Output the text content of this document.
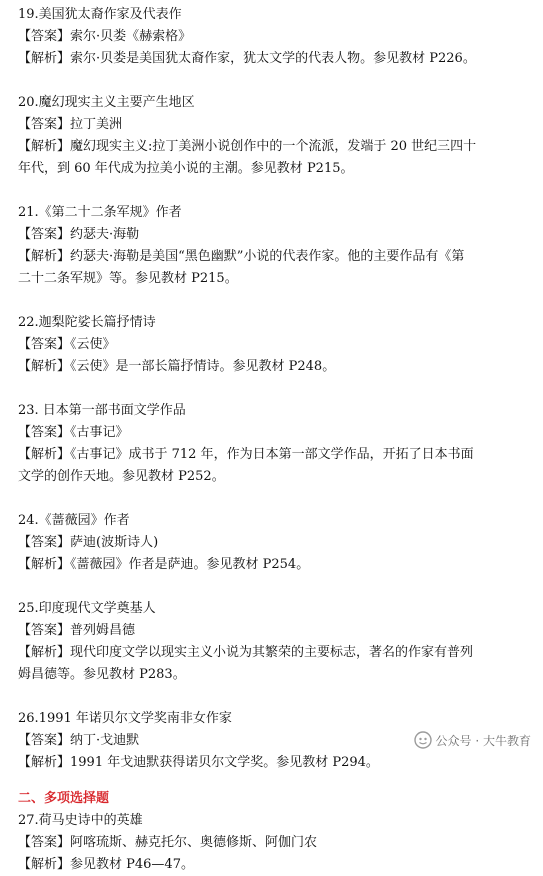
19.美国犹太裔作家及代表作
【答案】索尔·贝娄《赫索格》
【解析】索尔·贝娄是美国犹太裔作家，犹太文学的代表人物。参见教材 P226。
20.魔幻现实主义主要产生地区
【答案】拉丁美洲
【解析】魔幻现实主义:拉丁美洲小说创作中的一个流派，发端于 20 世纪三四十
年代，到 60 年代成为拉美小说的主潮。参见教材 P215。
21.《第二十二条军规》作者
【答案】约瑟夫·海勒
【解析】约瑟夫·海勒是美国“黑色幽默”小说的代表作家。他的主要作品有《第
二十二条军规》等。参见教材 P215。
22.迦梨陀娑长篇抒情诗
【答案】《云使》
【解析】《云使》是一部长篇抒情诗。参见教材 P248。
23. 日本第一部书面文学作品
【答案】《古事记》
【解析】《古事记》成书于 712 年，作为日本第一部文学作品，开拓了日本书面
文学的创作天地。参见教材 P252。
24.《蔷薇园》作者
【答案】萨迪(波斯诗人)
【解析】《蔷薇园》作者是萨迪。参见教材 P254。
25.印度现代文学奠基人
【答案】普列姆昌德
【解析】现代印度文学以现实主义小说为其繁荣的主要标志，著名的作家有普列
姆昌德等。参见教材 P283。
26.1991 年诺贝尔文学奖南非女作家
【答案】纳丁·戈迪默
【解析】1991 年戈迪默获得诺贝尔文学奖。参见教材 P294。
二、多项选择题
27.荷马史诗中的英雄
【答案】阿喀琉斯、赫克托尔、奥德修斯、阿伽门农
【解析】参见教材 P46—47。
公众号 · 大牛教育
